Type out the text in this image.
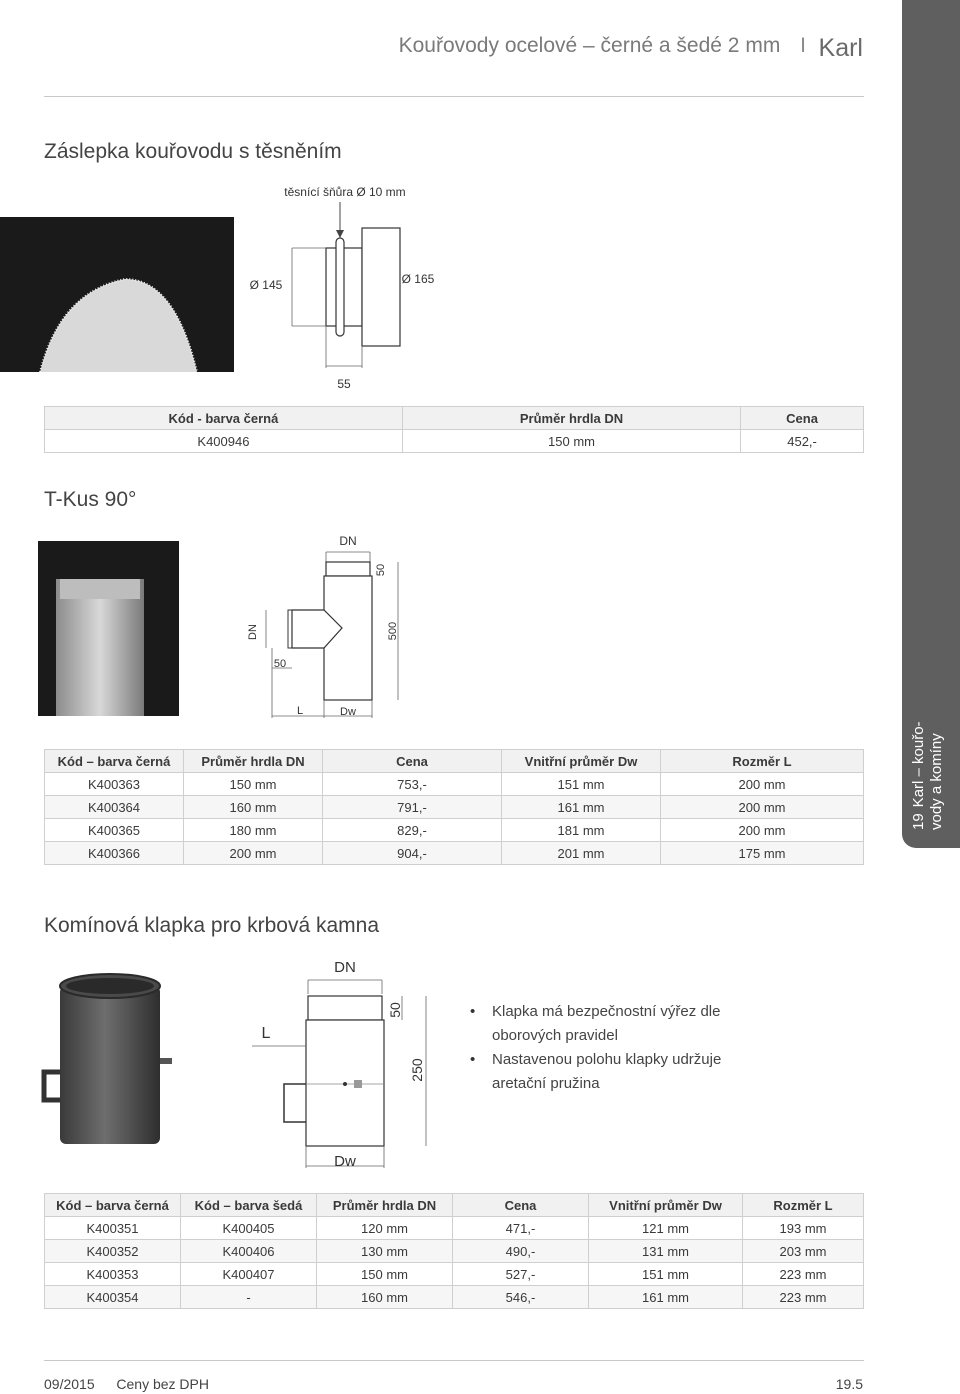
Kouřovody ocelové – černé a šedé 2 mm I Karl
19Karl – kouřo- vody a komíny
Záslepka kouřovodu s těsněním
těsnící šňůra Ø 10 mm
Ø 145	Ø 165
55
Kód - barva černá	Průměr hrdla DN	Cena
K400946	150 mm	452,-
T-Kus 90°
DN
50
DN	500
50
L	Dw
Kód – barva černá	Průměr hrdla DN	Cena	Vnitřní průměr Dw	Rozměr L
K400363	150 mm	753,-	151 mm	200 mm
K400364	160 mm	791,-	161 mm	200 mm
K400365	180 mm	829,-	181 mm	200 mm
K400366	200 mm	904,-	201 mm	175 mm
Komínová klapka pro krbová kamna
DN
L
50
250
Dw
• Klapka má bezpečnostní výřez dle oborových pravidel
• Nastavenou polohu klapky udržuje aretační pružina
Kód – barva černá	Kód – barva šedá	Průměr hrdla DN	Cena	Vnitřní průměr Dw	Rozměr L
K400351	K400405	120 mm	471,-	121 mm	193 mm
K400352	K400406	130 mm	490,-	131 mm	203 mm
K400353	K400407	150 mm	527,-	151 mm	223 mm
K400354	-	160 mm	546,-	161 mm	223 mm
09/2015 Ceny bez DPH	19.5
